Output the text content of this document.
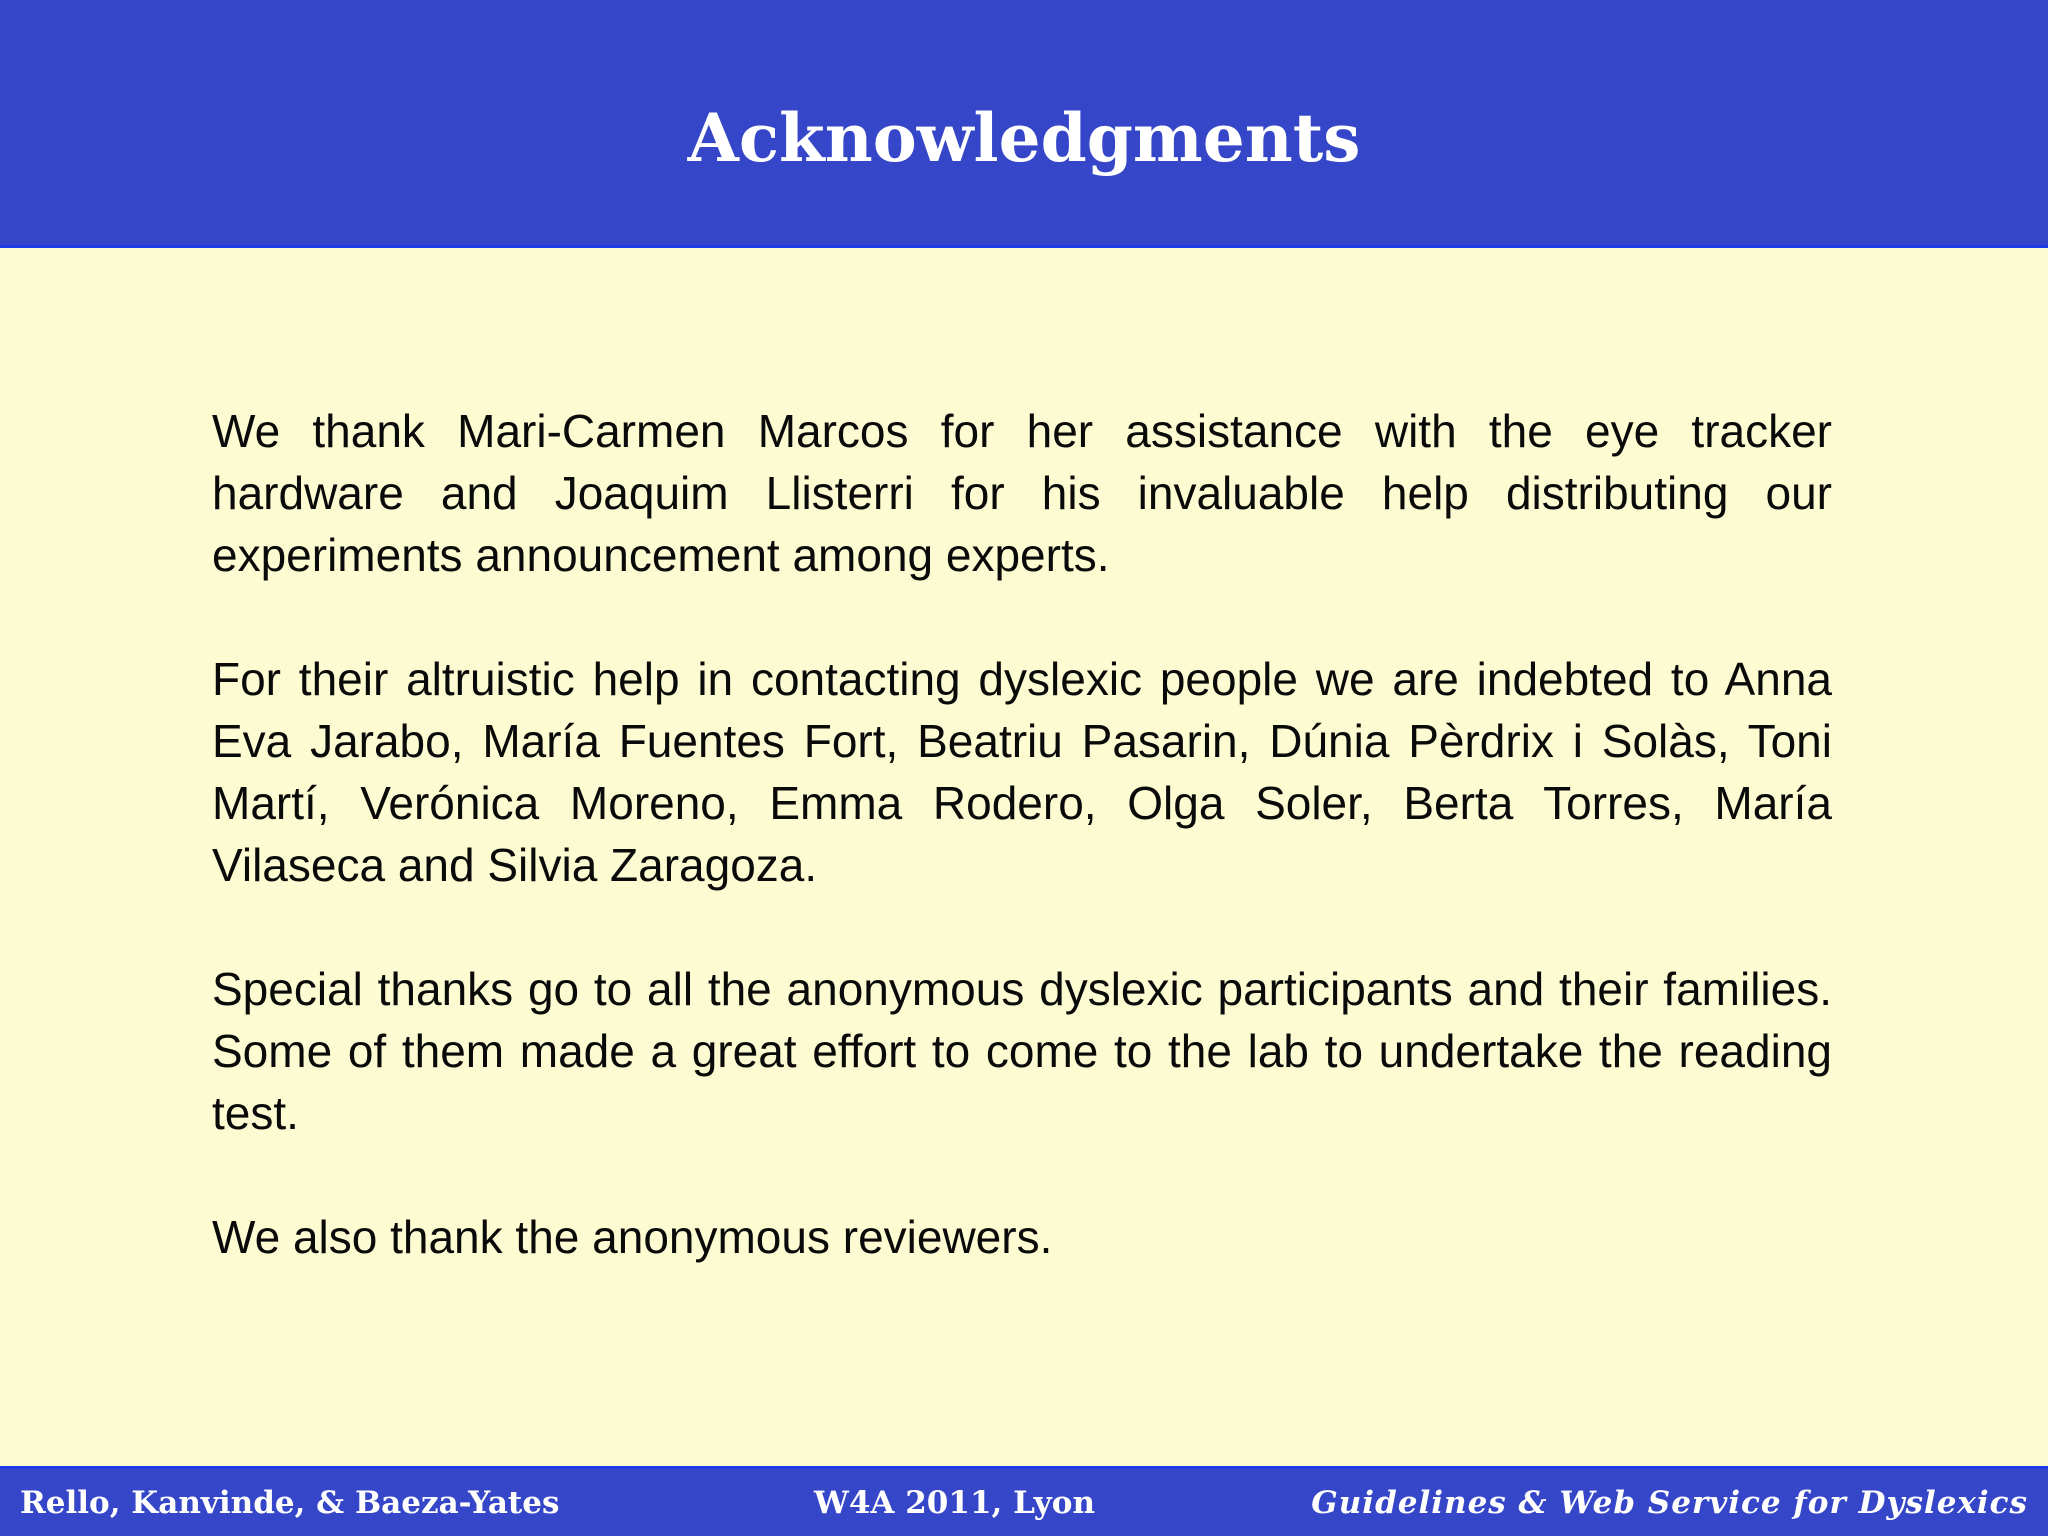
Acknowledgments

We thank Mari-Carmen Marcos for her assistance with the eye tracker hardware and Joaquim Llisterri for his invaluable help distributing our experiments announcement among experts.

For their altruistic help in contacting dyslexic people we are indebted to Anna Eva Jarabo, María Fuentes Fort, Beatriu Pasarin, Dúnia Pèrdrix i Solàs, Toni Martí, Verónica Moreno, Emma Rodero, Olga Soler, Berta Torres, María Vilaseca and Silvia Zaragoza.

Special thanks go to all the anonymous dyslexic participants and their families. Some of them made a great effort to come to the lab to undertake the reading test.

We also thank the anonymous reviewers.

Rello, Kanvinde, & Baeza-Yates	W4A 2011, Lyon	Guidelines & Web Service for Dyslexics
